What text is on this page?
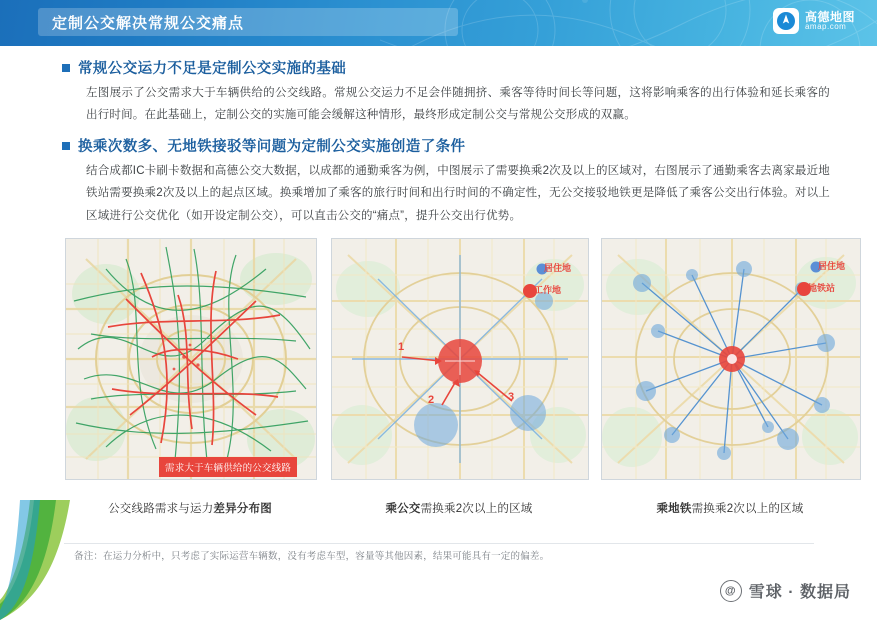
定制公交解决常规公交痛点	高德地图
amap.com
常规公交运力不足是定制公交实施的基础
左图展示了公交需求大于车辆供给的公交线路。常规公交运力不足会伴随拥挤、乘客等待时间长等问题，这将影响乘客的出行体验和延长乘客的出行时间。在此基础上，定制公交的实施可能会缓解这种情形，最终形成定制公交与常规公交形成的双赢。
换乘次数多、无地铁接驳等问题为定制公交实施创造了条件
结合成都IC卡刷卡数据和高德公交大数据，以成都的通勤乘客为例，中图展示了需要换乘2次及以上的区域对，右图展示了通勤乘客去离家最近地铁站需要换乘2次及以上的起点区域。换乘增加了乘客的旅行时间和出行时间的不确定性，无公交接驳地铁更是降低了乘客公交出行体验。对以上区域进行公交优化（如开设定制公交），可以直击公交的“痛点”，提升公交出行优势。
需求大于车辆供给的公交线路
公交线路需求与运力差异分布图
居住地
工作地
1
2	3
乘公交需换乘2次以上的区域
居住地
地铁站
乘地铁需换乘2次以上的区域
备注：在运力分析中，只考虑了实际运营车辆数，没有考虑车型，容量等其他因素，结果可能具有一定的偏差。
@ 雪球 · 数据局
